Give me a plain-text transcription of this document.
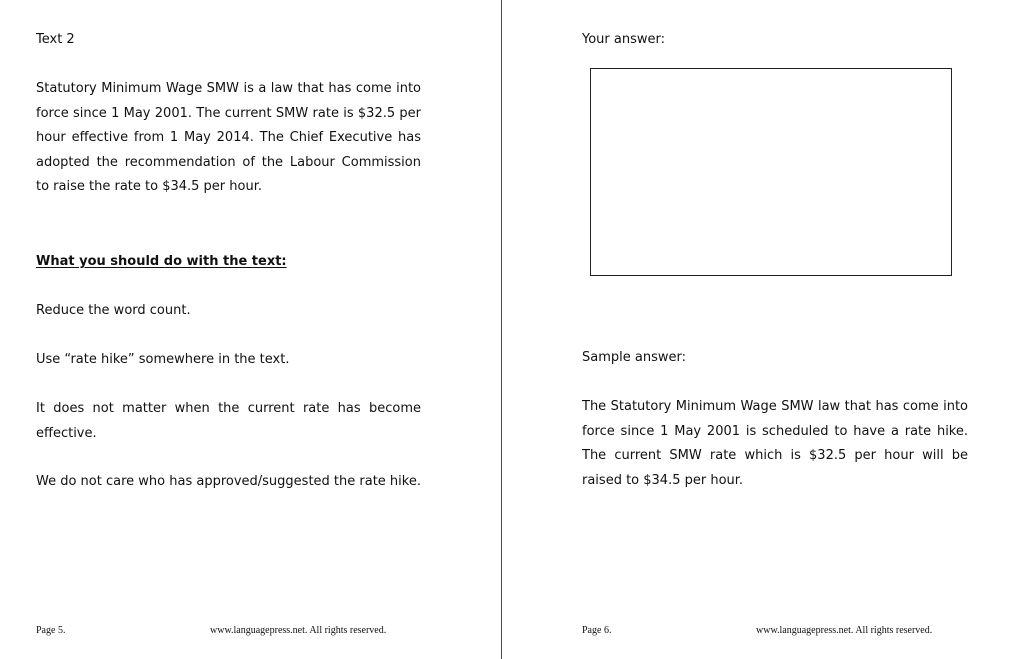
Text 2

Statutory Minimum Wage SMW is a law that has come into force since 1 May 2001. The current SMW rate is $32.5 per hour effective from 1 May 2014. The Chief Executive has adopted the recommendation of the Labour Commission to raise the rate to $34.5 per hour.

What you should do with the text:
Reduce the word count.
Use “rate hike” somewhere in the text.

It does not matter when the current rate has become effective.

We do not care who has approved/suggested the rate hike.
Page 5.	www.languagepress.net. All rights reserved.
Your answer:
Sample answer:

The Statutory Minimum Wage SMW law that has come into force since 1 May 2001 is scheduled to have a rate hike. The current SMW rate which is $32.5 per hour will be raised to $34.5 per hour.

Page 6.	www.languagepress.net. All rights reserved.
